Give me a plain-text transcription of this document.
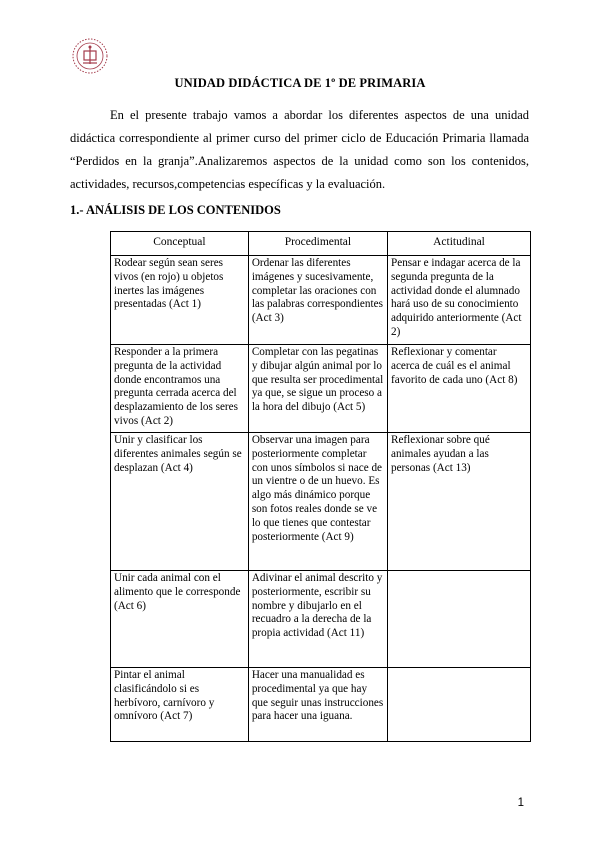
UNIDAD DIDÁCTICA DE 1º DE PRIMARIA

En el presente trabajo vamos a abordar los diferentes aspectos de una unidad didáctica correspondiente al primer curso del primer ciclo de Educación Primaria llamada “Perdidos en la granja”.Analizaremos aspectos de la unidad como son los contenidos, actividades, recursos,competencias específicas y la evaluación.

1.- ANÁLISIS DE LOS CONTENIDOS
Conceptual	Procedimental	Actitudinal
Rodear según sean seres vivos (en rojo) u objetos inertes las imágenes presentadas (Act 1)	Ordenar las diferentes imágenes y sucesivamente, completar las oraciones con las palabras correspondientes (Act 3)	Pensar e indagar acerca de la segunda pregunta de la actividad donde el alumnado hará uso de su conocimiento adquirido anteriormente (Act 2)
Responder a la primera pregunta de la actividad donde encontramos una pregunta cerrada acerca del desplazamiento de los seres vivos (Act 2)	Completar con las pegatinas y dibujar algún animal por lo que resulta ser procedimental ya que, se sigue un proceso a la hora del dibujo (Act 5)	Reflexionar y comentar acerca de cuál es el animal favorito de cada uno (Act 8)
Unir y clasificar los diferentes animales según se desplazan (Act 4)	Observar una imagen para posteriormente completar con unos símbolos si nace de un vientre o de un huevo. Es algo más dinámico porque son fotos reales donde se ve lo que tienes que contestar posteriormente (Act 9)	Reflexionar sobre qué animales ayudan a las personas (Act 13)
Unir cada animal con el alimento que le corresponde (Act 6)	Adivinar el animal descrito y posteriormente, escribir su nombre y dibujarlo en el recuadro a la derecha de la propia actividad (Act 11)	
Pintar el animal clasificándolo si es herbívoro, carnívoro y omnívoro (Act 7)	Hacer una manualidad es procedimental ya que hay que seguir unas instrucciones para hacer una iguana.	
1
